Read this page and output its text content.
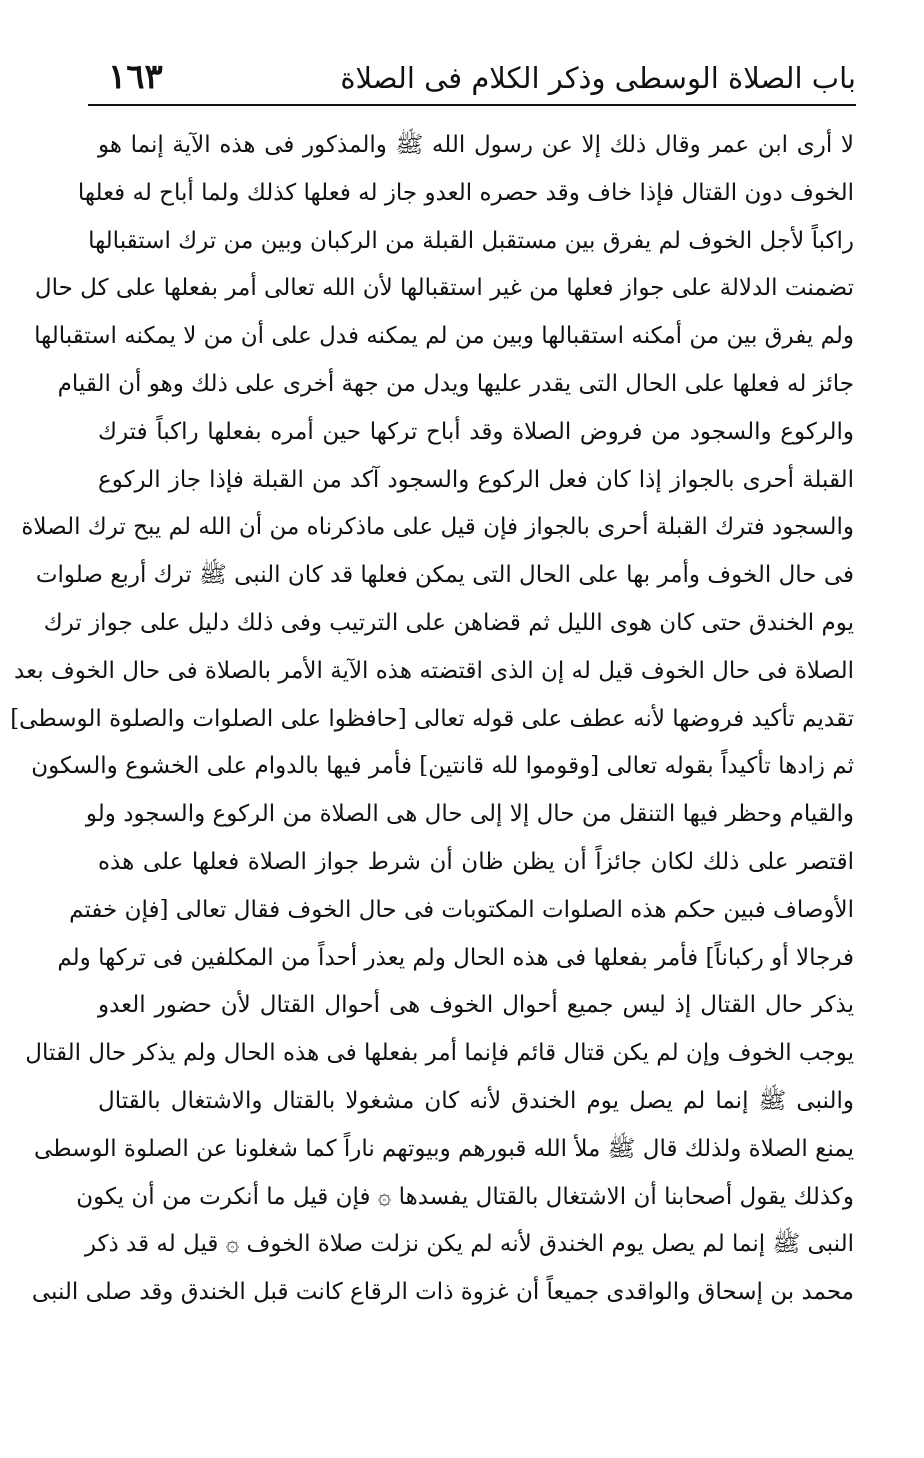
باب الصلاة الوسطى وذكر الكلام فى الصلاة
١٦٣
لا أرى ابن عمر وقال ذلك إلا عن رسول الله ﷺ والمذكور فى هذه الآية إنما هو
الخوف دون القتال فإذا خاف وقد حصره العدو جاز له فعلها كذلك ولما أباح له فعلها
راكباً لأجل الخوف لم يفرق بين مستقبل القبلة من الركبان وبين من ترك استقبالها
تضمنت الدلالة على جواز فعلها من غير استقبالها لأن الله تعالى أمر بفعلها على كل حال
ولم يفرق بين من أمكنه استقبالها وبين من لم يمكنه فدل على أن من لا يمكنه استقبالها
جائز له فعلها على الحال التى يقدر عليها ويدل من جهة أخرى على ذلك وهو أن القيام
والركوع والسجود من فروض الصلاة وقد أباح تركها حين أمره بفعلها راكباً فترك
القبلة أحرى بالجواز إذا كان فعل الركوع والسجود آكد من القبلة فإذا جاز الركوع
والسجود فترك القبلة أحرى بالجواز فإن قيل على ماذكرناه من أن الله لم يبح ترك الصلاة
فى حال الخوف وأمر بها على الحال التى يمكن فعلها قد كان النبى ﷺ ترك أربع صلوات
يوم الخندق حتى كان هوى الليل ثم قضاهن على الترتيب وفى ذلك دليل على جواز ترك
الصلاة فى حال الخوف قيل له إن الذى اقتضته هذه الآية الأمر بالصلاة فى حال الخوف بعد
تقديم تأكيد فروضها لأنه عطف على قوله تعالى [حافظوا على الصلوات والصلوة الوسطى]
ثم زادها تأكيداً بقوله تعالى [وقوموا لله قانتين] فأمر فيها بالدوام على الخشوع والسكون
والقيام وحظر فيها التنقل من حال إلا إلى حال هى الصلاة من الركوع والسجود ولو
اقتصر على ذلك لكان جائزاً أن يظن ظان أن شرط جواز الصلاة فعلها على هذه
الأوصاف فبين حكم هذه الصلوات المكتوبات فى حال الخوف فقال تعالى [فإن خفتم
فرجالا أو ركباناً] فأمر بفعلها فى هذه الحال ولم يعذر أحداً من المكلفين فى تركها ولم
يذكر حال القتال إذ ليس جميع أحوال الخوف هى أحوال القتال لأن حضور العدو
يوجب الخوف وإن لم يكن قتال قائم فإنما أمر بفعلها فى هذه الحال ولم يذكر حال القتال
والنبى ﷺ إنما لم يصل يوم الخندق لأنه كان مشغولا بالقتال والاشتغال بالقتال
يمنع الصلاة ولذلك قال ﷺ ملأ الله قبورهم وبيوتهم ناراً كما شغلونا عن الصلوة الوسطى
وكذلك يقول أصحابنا أن الاشتغال بالقتال يفسدها ۞ فإن قيل ما أنكرت من أن يكون
النبى ﷺ إنما لم يصل يوم الخندق لأنه لم يكن نزلت صلاة الخوف ۞ قيل له قد ذكر
محمد بن إسحاق والواقدى جميعاً أن غزوة ذات الرقاع كانت قبل الخندق وقد صلى النبى
